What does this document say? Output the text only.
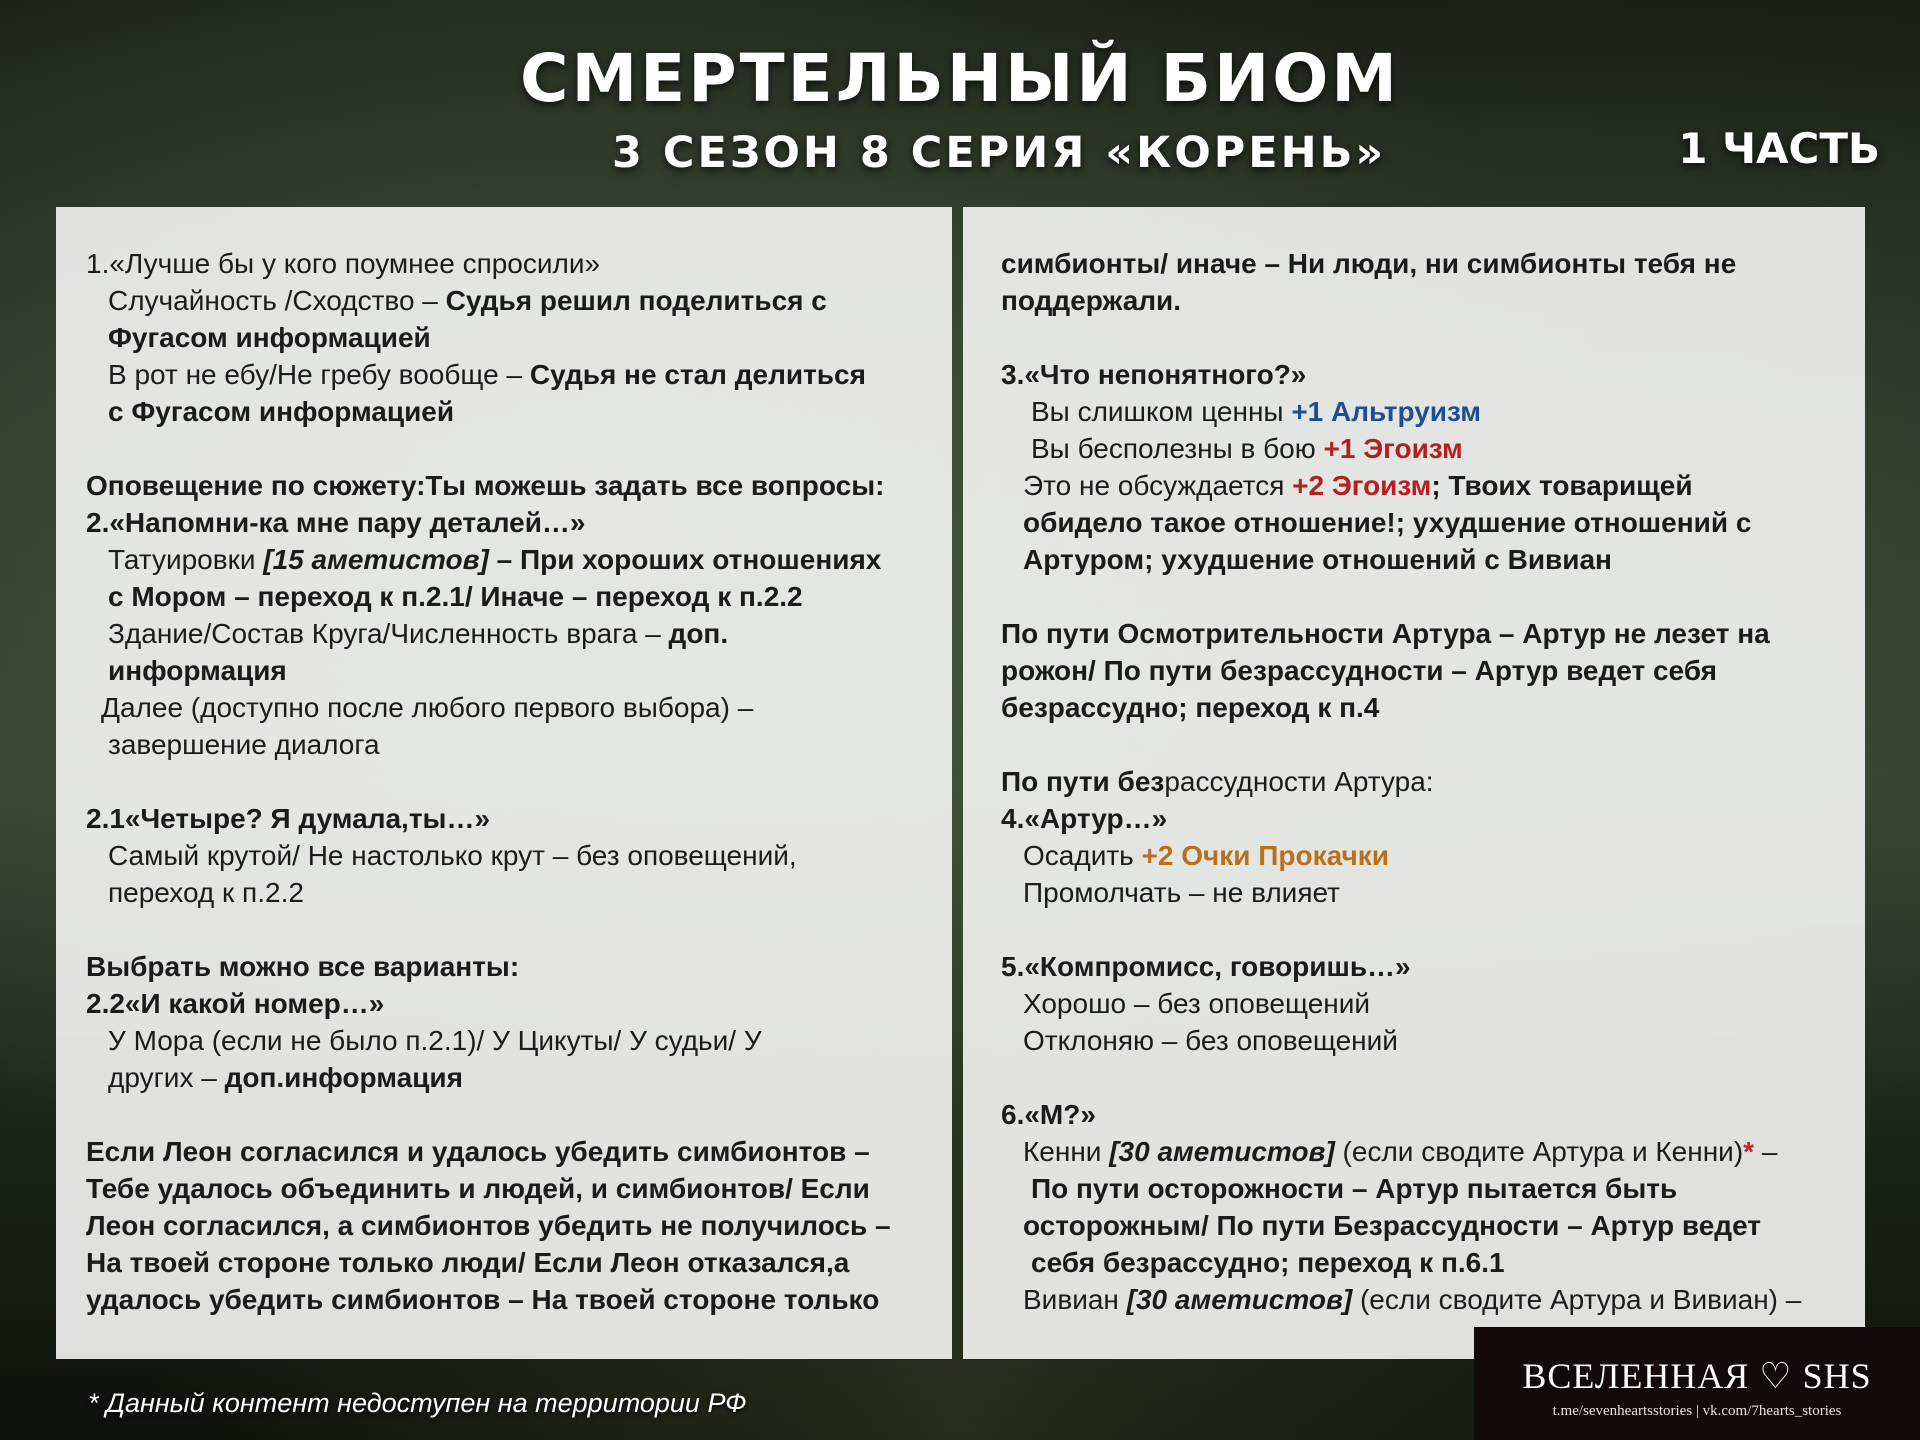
СМЕРТЕЛЬНЫЙ БИОМ
3 СЕЗОН 8 СЕРИЯ «КОРЕНЬ»	1 ЧАСТЬ
1.«Лучше бы у кого поумнее спросили»
Случайность /Сходство – Судья решил поделиться с
Фугасом информацией
В рот не ебу/Не гребу вообще – Судья не стал делиться
с Фугасом информацией
Оповещение по сюжету:Ты можешь задать все вопросы:
2.«Напомни-ка мне пару деталей…»
Татуировки [15 аметистов] – При хороших отношениях
с Мором – переход к п.2.1/ Иначе – переход к п.2.2
Здание/Состав Круга/Численность врага – доп.
информация
Далее (доступно после любого первого выбора) –
завершение диалога
2.1«Четыре? Я думала,ты…»
Самый крутой/ Не настолько крут – без оповещений,
переход к п.2.2
Выбрать можно все варианты:
2.2«И какой номер…»
У Мора (если не было п.2.1)/ У Цикуты/ У судьи/ У
других – доп.информация
Если Леон согласился и удалось убедить симбионтов –
Тебе удалось объединить и людей, и симбионтов/ Если
Леон согласился, а симбионтов убедить не получилось –
На твоей стороне только люди/ Если Леон отказался,а
удалось убедить симбионтов – На твоей стороне только
симбионты/ иначе – Ни люди, ни симбионты тебя не
поддержали.
3.«Что непонятного?»
Вы слишком ценны +1 Альтруизм
Вы бесполезны в бою +1 Эгоизм
Это не обсуждается +2 Эгоизм; Твоих товарищей
обидело такое отношение!; ухудшение отношений с
Артуром; ухудшение отношений с Вивиан
По пути Осмотрительности Артура – Артур не лезет на
рожон/ По пути безрассудности – Артур ведет себя
безрассудно; переход к п.4
По пути безрассудности Артура:
4.«Артур…»
Осадить +2 Очки Прокачки
Промолчать – не влияет
5.«Компромисс, говоришь…»
Хорошо – без оповещений
Отклоняю – без оповещений
6.«М?»
Кенни [30 аметистов] (если сводите Артура и Кенни)* –
По пути осторожности – Артур пытается быть
осторожным/ По пути Безрассудности – Артур ведет
себя безрассудно; переход к п.6.1
Вивиан [30 аметистов] (если сводите Артура и Вивиан) –
* Данный контент недоступен на территории РФ
ВСЕЛЕННАЯ ♡ SHS
t.me/sevenheartsstories | vk.com/7hearts_stories
